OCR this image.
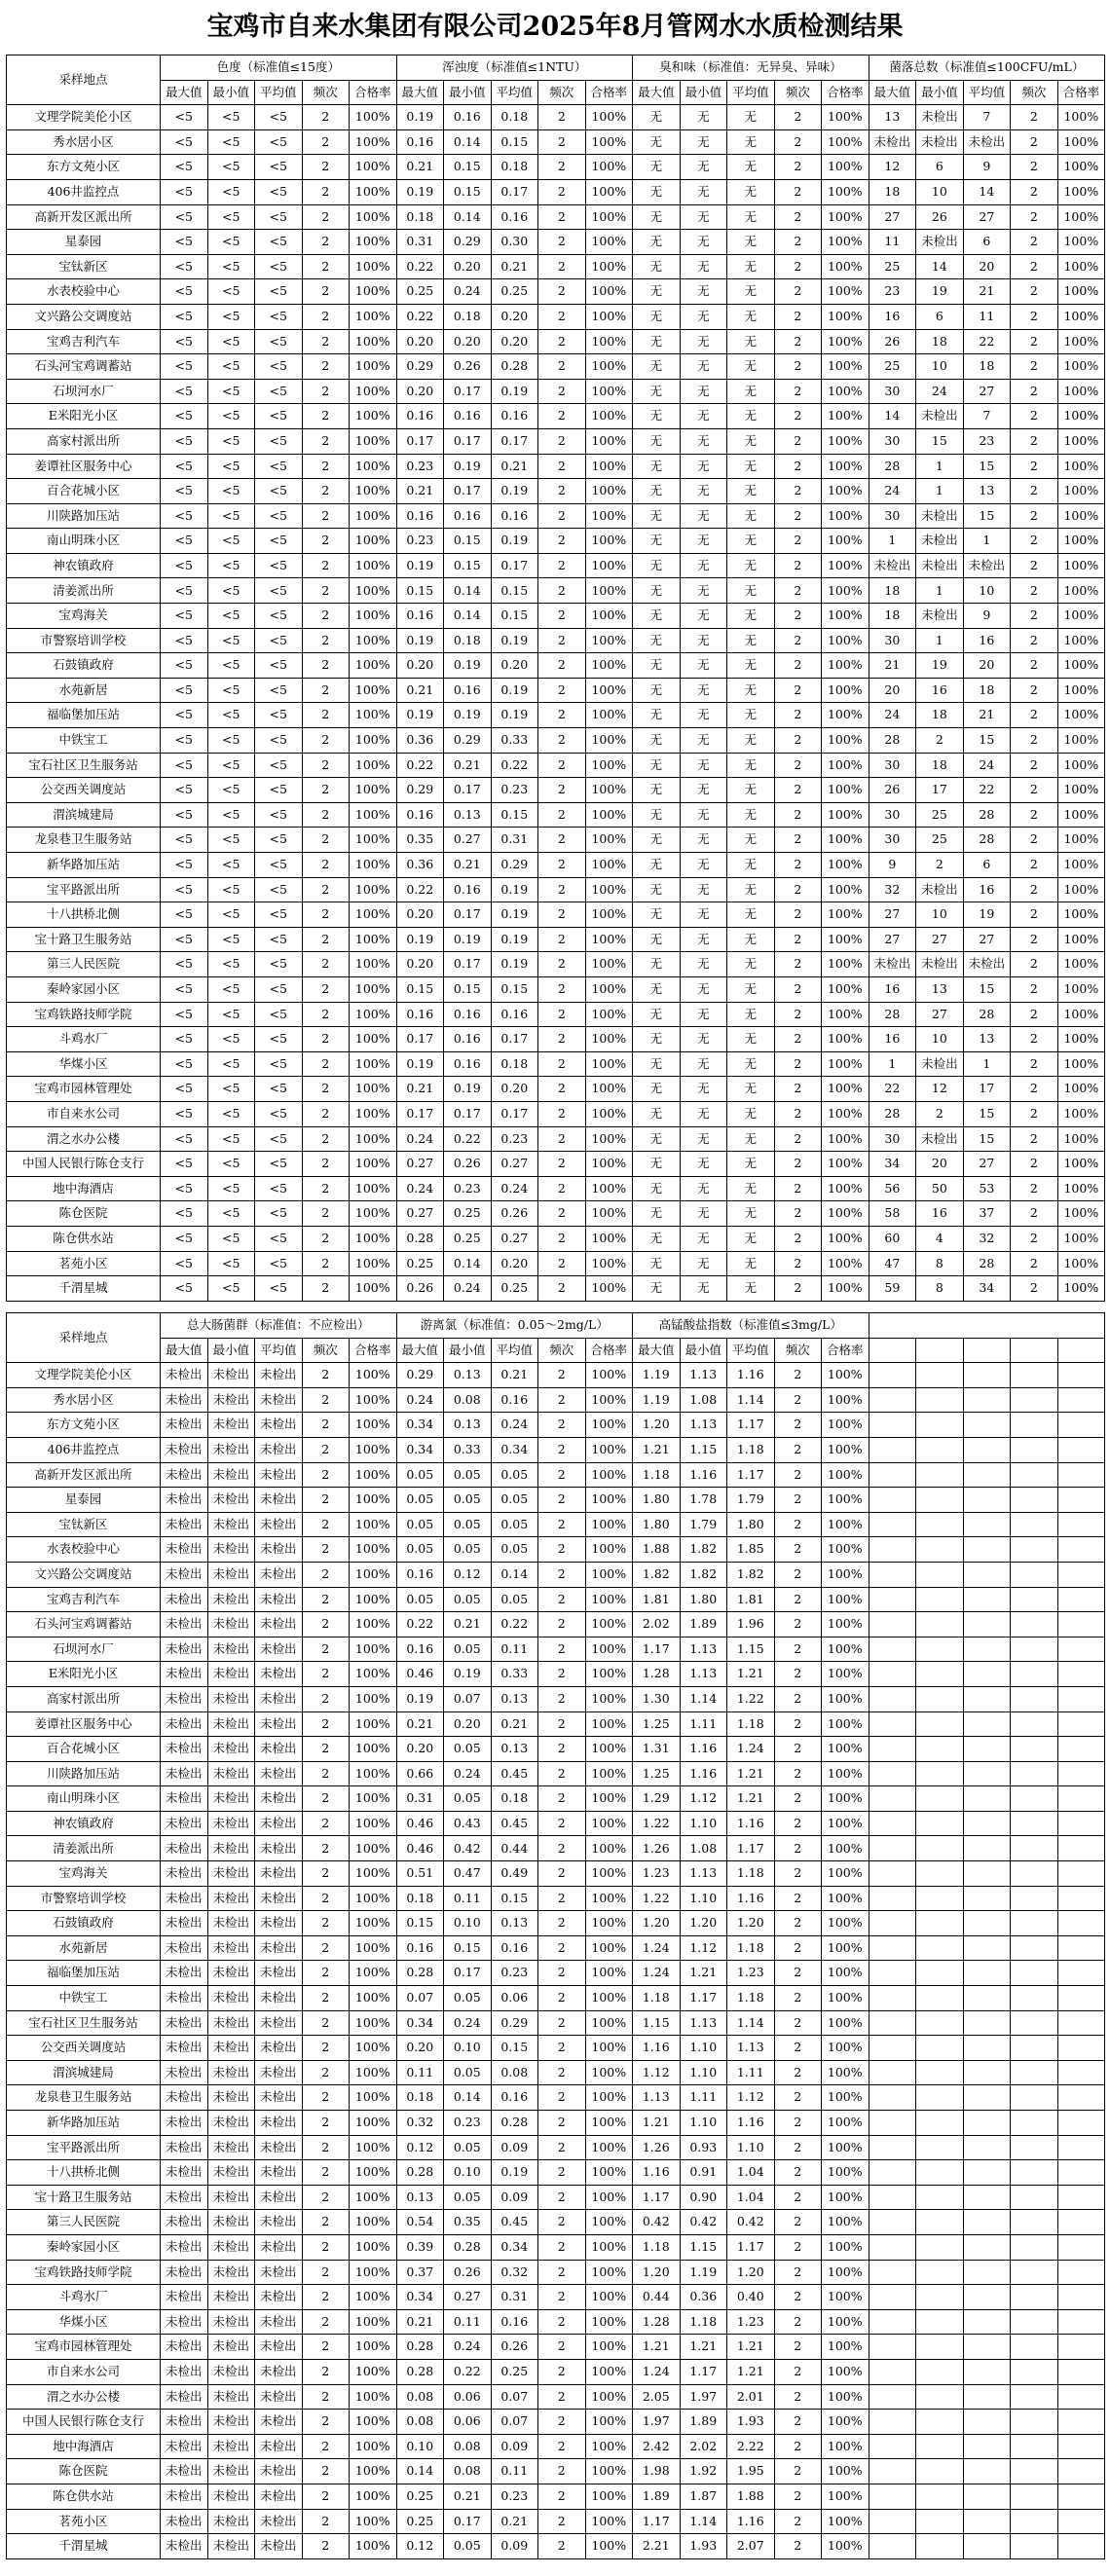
宝鸡市自来水集团有限公司2025年8月管网水水质检测结果
采样地点	色度（标准值≤15度）					浑浊度（标准值≤1NTU）					臭和味（标准值：无异臭、异味）					菌落总数（标准值≤100CFU/mL）				
	最大值	最小值	平均值	频次	合格率	最大值	最小值	平均值	频次	合格率	最大值	最小值	平均值	频次	合格率	最大值	最小值	平均值	频次	合格率
文理学院美伦小区	<5	<5	<5	2	100%	0.19	0.16	0.18	2	100%	无	无	无	2	100%	13	未检出	7	2	100%
秀水居小区	<5	<5	<5	2	100%	0.16	0.14	0.15	2	100%	无	无	无	2	100%	未检出	未检出	未检出	2	100%
东方文苑小区	<5	<5	<5	2	100%	0.21	0.15	0.18	2	100%	无	无	无	2	100%	12	6	9	2	100%
406井监控点	<5	<5	<5	2	100%	0.19	0.15	0.17	2	100%	无	无	无	2	100%	18	10	14	2	100%
高新开发区派出所	<5	<5	<5	2	100%	0.18	0.14	0.16	2	100%	无	无	无	2	100%	27	26	27	2	100%
星泰园	<5	<5	<5	2	100%	0.31	0.29	0.30	2	100%	无	无	无	2	100%	11	未检出	6	2	100%
宝钛新区	<5	<5	<5	2	100%	0.22	0.20	0.21	2	100%	无	无	无	2	100%	25	14	20	2	100%
水表校验中心	<5	<5	<5	2	100%	0.25	0.24	0.25	2	100%	无	无	无	2	100%	23	19	21	2	100%
文兴路公交调度站	<5	<5	<5	2	100%	0.22	0.18	0.20	2	100%	无	无	无	2	100%	16	6	11	2	100%
宝鸡吉利汽车	<5	<5	<5	2	100%	0.20	0.20	0.20	2	100%	无	无	无	2	100%	26	18	22	2	100%
石头河宝鸡调蓄站	<5	<5	<5	2	100%	0.29	0.26	0.28	2	100%	无	无	无	2	100%	25	10	18	2	100%
石坝河水厂	<5	<5	<5	2	100%	0.20	0.17	0.19	2	100%	无	无	无	2	100%	30	24	27	2	100%
E米阳光小区	<5	<5	<5	2	100%	0.16	0.16	0.16	2	100%	无	无	无	2	100%	14	未检出	7	2	100%
高家村派出所	<5	<5	<5	2	100%	0.17	0.17	0.17	2	100%	无	无	无	2	100%	30	15	23	2	100%
姜谭社区服务中心	<5	<5	<5	2	100%	0.23	0.19	0.21	2	100%	无	无	无	2	100%	28	1	15	2	100%
百合花城小区	<5	<5	<5	2	100%	0.21	0.17	0.19	2	100%	无	无	无	2	100%	24	1	13	2	100%
川陕路加压站	<5	<5	<5	2	100%	0.16	0.16	0.16	2	100%	无	无	无	2	100%	30	未检出	15	2	100%
南山明珠小区	<5	<5	<5	2	100%	0.23	0.15	0.19	2	100%	无	无	无	2	100%	1	未检出	1	2	100%
神农镇政府	<5	<5	<5	2	100%	0.19	0.15	0.17	2	100%	无	无	无	2	100%	未检出	未检出	未检出	2	100%
清姜派出所	<5	<5	<5	2	100%	0.15	0.14	0.15	2	100%	无	无	无	2	100%	18	1	10	2	100%
宝鸡海关	<5	<5	<5	2	100%	0.16	0.14	0.15	2	100%	无	无	无	2	100%	18	未检出	9	2	100%
市警察培训学校	<5	<5	<5	2	100%	0.19	0.18	0.19	2	100%	无	无	无	2	100%	30	1	16	2	100%
石鼓镇政府	<5	<5	<5	2	100%	0.20	0.19	0.20	2	100%	无	无	无	2	100%	21	19	20	2	100%
水苑新居	<5	<5	<5	2	100%	0.21	0.16	0.19	2	100%	无	无	无	2	100%	20	16	18	2	100%
福临堡加压站	<5	<5	<5	2	100%	0.19	0.19	0.19	2	100%	无	无	无	2	100%	24	18	21	2	100%
中铁宝工	<5	<5	<5	2	100%	0.36	0.29	0.33	2	100%	无	无	无	2	100%	28	2	15	2	100%
宝石社区卫生服务站	<5	<5	<5	2	100%	0.22	0.21	0.22	2	100%	无	无	无	2	100%	30	18	24	2	100%
公交西关调度站	<5	<5	<5	2	100%	0.29	0.17	0.23	2	100%	无	无	无	2	100%	26	17	22	2	100%
渭滨城建局	<5	<5	<5	2	100%	0.16	0.13	0.15	2	100%	无	无	无	2	100%	30	25	28	2	100%
龙泉巷卫生服务站	<5	<5	<5	2	100%	0.35	0.27	0.31	2	100%	无	无	无	2	100%	30	25	28	2	100%
新华路加压站	<5	<5	<5	2	100%	0.36	0.21	0.29	2	100%	无	无	无	2	100%	9	2	6	2	100%
宝平路派出所	<5	<5	<5	2	100%	0.22	0.16	0.19	2	100%	无	无	无	2	100%	32	未检出	16	2	100%
十八拱桥北侧	<5	<5	<5	2	100%	0.20	0.17	0.19	2	100%	无	无	无	2	100%	27	10	19	2	100%
宝十路卫生服务站	<5	<5	<5	2	100%	0.19	0.19	0.19	2	100%	无	无	无	2	100%	27	27	27	2	100%
第三人民医院	<5	<5	<5	2	100%	0.20	0.17	0.19	2	100%	无	无	无	2	100%	未检出	未检出	未检出	2	100%
秦岭家园小区	<5	<5	<5	2	100%	0.15	0.15	0.15	2	100%	无	无	无	2	100%	16	13	15	2	100%
宝鸡铁路技师学院	<5	<5	<5	2	100%	0.16	0.16	0.16	2	100%	无	无	无	2	100%	28	27	28	2	100%
斗鸡水厂	<5	<5	<5	2	100%	0.17	0.16	0.17	2	100%	无	无	无	2	100%	16	10	13	2	100%
华煤小区	<5	<5	<5	2	100%	0.19	0.16	0.18	2	100%	无	无	无	2	100%	1	未检出	1	2	100%
宝鸡市园林管理处	<5	<5	<5	2	100%	0.21	0.19	0.20	2	100%	无	无	无	2	100%	22	12	17	2	100%
市自来水公司	<5	<5	<5	2	100%	0.17	0.17	0.17	2	100%	无	无	无	2	100%	28	2	15	2	100%
渭之水办公楼	<5	<5	<5	2	100%	0.24	0.22	0.23	2	100%	无	无	无	2	100%	30	未检出	15	2	100%
中国人民银行陈仓支行	<5	<5	<5	2	100%	0.27	0.26	0.27	2	100%	无	无	无	2	100%	34	20	27	2	100%
地中海酒店	<5	<5	<5	2	100%	0.24	0.23	0.24	2	100%	无	无	无	2	100%	56	50	53	2	100%
陈仓医院	<5	<5	<5	2	100%	0.27	0.25	0.26	2	100%	无	无	无	2	100%	58	16	37	2	100%
陈仓供水站	<5	<5	<5	2	100%	0.28	0.25	0.27	2	100%	无	无	无	2	100%	60	4	32	2	100%
茗苑小区	<5	<5	<5	2	100%	0.25	0.14	0.20	2	100%	无	无	无	2	100%	47	8	28	2	100%
千渭星城	<5	<5	<5	2	100%	0.26	0.24	0.25	2	100%	无	无	无	2	100%	59	8	34	2	100%
采样地点	总大肠菌群（标准值：不应检出）					游离氯（标准值：0.05～2mg/L）					高锰酸盐指数（标准值≤3mg/L）									
	最大值	最小值	平均值	频次	合格率	最大值	最小值	平均值	频次	合格率	最大值	最小值	平均值	频次	合格率					
文理学院美伦小区	未检出	未检出	未检出	2	100%	0.29	0.13	0.21	2	100%	1.19	1.13	1.16	2	100%					
秀水居小区	未检出	未检出	未检出	2	100%	0.24	0.08	0.16	2	100%	1.19	1.08	1.14	2	100%					
东方文苑小区	未检出	未检出	未检出	2	100%	0.34	0.13	0.24	2	100%	1.20	1.13	1.17	2	100%					
406井监控点	未检出	未检出	未检出	2	100%	0.34	0.33	0.34	2	100%	1.21	1.15	1.18	2	100%					
高新开发区派出所	未检出	未检出	未检出	2	100%	0.05	0.05	0.05	2	100%	1.18	1.16	1.17	2	100%					
星泰园	未检出	未检出	未检出	2	100%	0.05	0.05	0.05	2	100%	1.80	1.78	1.79	2	100%					
宝钛新区	未检出	未检出	未检出	2	100%	0.05	0.05	0.05	2	100%	1.80	1.79	1.80	2	100%					
水表校验中心	未检出	未检出	未检出	2	100%	0.05	0.05	0.05	2	100%	1.88	1.82	1.85	2	100%					
文兴路公交调度站	未检出	未检出	未检出	2	100%	0.16	0.12	0.14	2	100%	1.82	1.82	1.82	2	100%					
宝鸡吉利汽车	未检出	未检出	未检出	2	100%	0.05	0.05	0.05	2	100%	1.81	1.80	1.81	2	100%					
石头河宝鸡调蓄站	未检出	未检出	未检出	2	100%	0.22	0.21	0.22	2	100%	2.02	1.89	1.96	2	100%					
石坝河水厂	未检出	未检出	未检出	2	100%	0.16	0.05	0.11	2	100%	1.17	1.13	1.15	2	100%					
E米阳光小区	未检出	未检出	未检出	2	100%	0.46	0.19	0.33	2	100%	1.28	1.13	1.21	2	100%					
高家村派出所	未检出	未检出	未检出	2	100%	0.19	0.07	0.13	2	100%	1.30	1.14	1.22	2	100%					
姜谭社区服务中心	未检出	未检出	未检出	2	100%	0.21	0.20	0.21	2	100%	1.25	1.11	1.18	2	100%					
百合花城小区	未检出	未检出	未检出	2	100%	0.20	0.05	0.13	2	100%	1.31	1.16	1.24	2	100%					
川陕路加压站	未检出	未检出	未检出	2	100%	0.66	0.24	0.45	2	100%	1.25	1.16	1.21	2	100%					
南山明珠小区	未检出	未检出	未检出	2	100%	0.31	0.05	0.18	2	100%	1.29	1.12	1.21	2	100%					
神农镇政府	未检出	未检出	未检出	2	100%	0.46	0.43	0.45	2	100%	1.22	1.10	1.16	2	100%					
清姜派出所	未检出	未检出	未检出	2	100%	0.46	0.42	0.44	2	100%	1.26	1.08	1.17	2	100%					
宝鸡海关	未检出	未检出	未检出	2	100%	0.51	0.47	0.49	2	100%	1.23	1.13	1.18	2	100%					
市警察培训学校	未检出	未检出	未检出	2	100%	0.18	0.11	0.15	2	100%	1.22	1.10	1.16	2	100%					
石鼓镇政府	未检出	未检出	未检出	2	100%	0.15	0.10	0.13	2	100%	1.20	1.20	1.20	2	100%					
水苑新居	未检出	未检出	未检出	2	100%	0.16	0.15	0.16	2	100%	1.24	1.12	1.18	2	100%					
福临堡加压站	未检出	未检出	未检出	2	100%	0.28	0.17	0.23	2	100%	1.24	1.21	1.23	2	100%					
中铁宝工	未检出	未检出	未检出	2	100%	0.07	0.05	0.06	2	100%	1.18	1.17	1.18	2	100%					
宝石社区卫生服务站	未检出	未检出	未检出	2	100%	0.34	0.24	0.29	2	100%	1.15	1.13	1.14	2	100%					
公交西关调度站	未检出	未检出	未检出	2	100%	0.20	0.10	0.15	2	100%	1.16	1.10	1.13	2	100%					
渭滨城建局	未检出	未检出	未检出	2	100%	0.11	0.05	0.08	2	100%	1.12	1.10	1.11	2	100%					
龙泉巷卫生服务站	未检出	未检出	未检出	2	100%	0.18	0.14	0.16	2	100%	1.13	1.11	1.12	2	100%					
新华路加压站	未检出	未检出	未检出	2	100%	0.32	0.23	0.28	2	100%	1.21	1.10	1.16	2	100%					
宝平路派出所	未检出	未检出	未检出	2	100%	0.12	0.05	0.09	2	100%	1.26	0.93	1.10	2	100%					
十八拱桥北侧	未检出	未检出	未检出	2	100%	0.28	0.10	0.19	2	100%	1.16	0.91	1.04	2	100%					
宝十路卫生服务站	未检出	未检出	未检出	2	100%	0.13	0.05	0.09	2	100%	1.17	0.90	1.04	2	100%					
第三人民医院	未检出	未检出	未检出	2	100%	0.54	0.35	0.45	2	100%	0.42	0.42	0.42	2	100%					
秦岭家园小区	未检出	未检出	未检出	2	100%	0.39	0.28	0.34	2	100%	1.18	1.15	1.17	2	100%					
宝鸡铁路技师学院	未检出	未检出	未检出	2	100%	0.37	0.26	0.32	2	100%	1.20	1.19	1.20	2	100%					
斗鸡水厂	未检出	未检出	未检出	2	100%	0.34	0.27	0.31	2	100%	0.44	0.36	0.40	2	100%					
华煤小区	未检出	未检出	未检出	2	100%	0.21	0.11	0.16	2	100%	1.28	1.18	1.23	2	100%					
宝鸡市园林管理处	未检出	未检出	未检出	2	100%	0.28	0.24	0.26	2	100%	1.21	1.21	1.21	2	100%					
市自来水公司	未检出	未检出	未检出	2	100%	0.28	0.22	0.25	2	100%	1.24	1.17	1.21	2	100%					
渭之水办公楼	未检出	未检出	未检出	2	100%	0.08	0.06	0.07	2	100%	2.05	1.97	2.01	2	100%					
中国人民银行陈仓支行	未检出	未检出	未检出	2	100%	0.08	0.06	0.07	2	100%	1.97	1.89	1.93	2	100%					
地中海酒店	未检出	未检出	未检出	2	100%	0.10	0.08	0.09	2	100%	2.42	2.02	2.22	2	100%					
陈仓医院	未检出	未检出	未检出	2	100%	0.14	0.08	0.11	2	100%	1.98	1.92	1.95	2	100%					
陈仓供水站	未检出	未检出	未检出	2	100%	0.25	0.21	0.23	2	100%	1.89	1.87	1.88	2	100%					
茗苑小区	未检出	未检出	未检出	2	100%	0.25	0.17	0.21	2	100%	1.17	1.14	1.16	2	100%					
千渭星城	未检出	未检出	未检出	2	100%	0.12	0.05	0.09	2	100%	2.21	1.93	2.07	2	100%					
